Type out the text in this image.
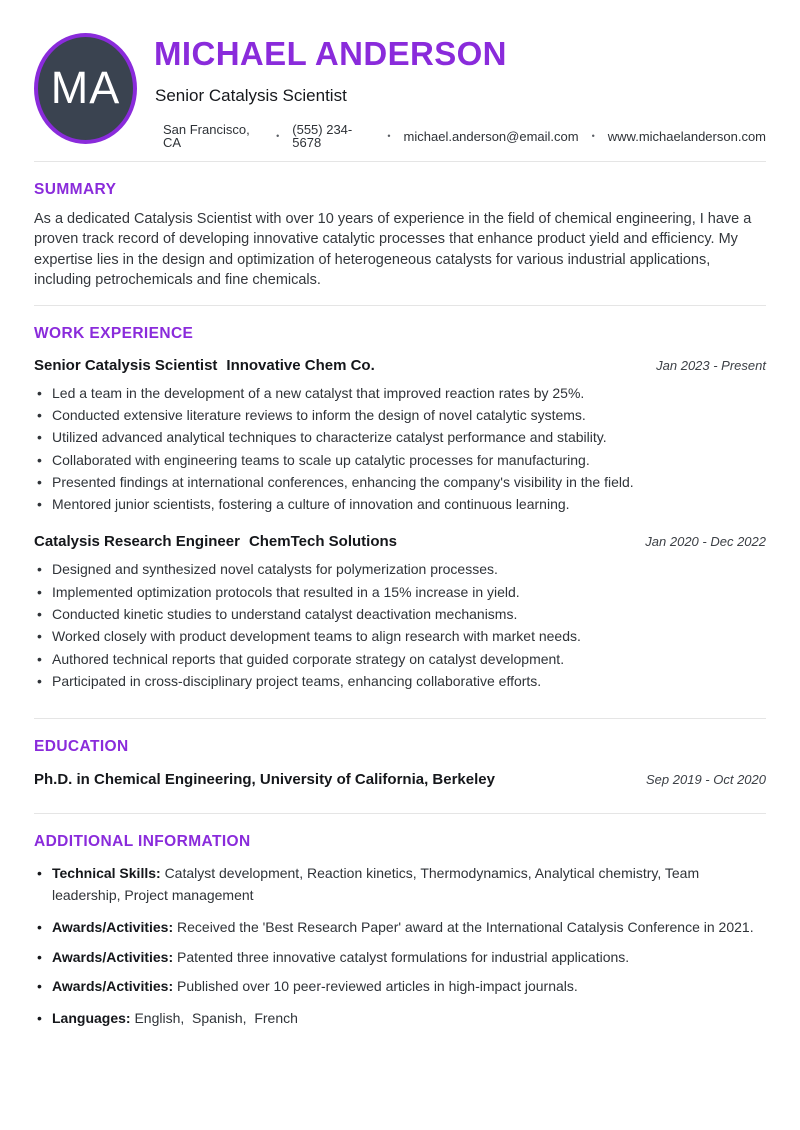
MA
MICHAEL ANDERSON
Senior Catalysis Scientist
San Francisco, CA	• (555) 234-5678	• michael.anderson@email.com • www.michaelanderson.com
SUMMARY

As a dedicated Catalysis Scientist with over 10 years of experience in the field of chemical engineering, I have a proven track record of developing innovative catalytic processes that enhance product yield and efficiency. My expertise lies in the design and optimization of heterogeneous catalysts for various industrial applications, including petrochemicals and fine chemicals.

WORK EXPERIENCE
Senior Catalysis Scientist Innovative Chem Co.	Jan 2023 - Present
• Led a team in the development of a new catalyst that improved reaction rates by 25%.
• Conducted extensive literature reviews to inform the design of novel catalytic systems.
• Utilized advanced analytical techniques to characterize catalyst performance and stability.
• Collaborated with engineering teams to scale up catalytic processes for manufacturing.
• Presented findings at international conferences, enhancing the company's visibility in the field.
• Mentored junior scientists, fostering a culture of innovation and continuous learning.
Catalysis Research Engineer ChemTech Solutions	Jan 2020 - Dec 2022
• Designed and synthesized novel catalysts for polymerization processes.
• Implemented optimization protocols that resulted in a 15% increase in yield.
• Conducted kinetic studies to understand catalyst deactivation mechanisms.
• Worked closely with product development teams to align research with market needs.
• Authored technical reports that guided corporate strategy on catalyst development.
• Participated in cross-disciplinary project teams, enhancing collaborative efforts.
EDUCATION
Ph.D. in Chemical Engineering, University of California, Berkeley	Sep 2019 - Oct 2020
ADDITIONAL INFORMATION
• Technical Skills: Catalyst development, Reaction kinetics, Thermodynamics, Analytical chemistry, Team leadership, Project management
• Awards/Activities: Received the 'Best Research Paper' award at the International Catalysis Conference in 2021.
• Awards/Activities: Patented three innovative catalyst formulations for industrial applications.
• Awards/Activities: Published over 10 peer-reviewed articles in high-impact journals.
• Languages: English,  Spanish,  French
